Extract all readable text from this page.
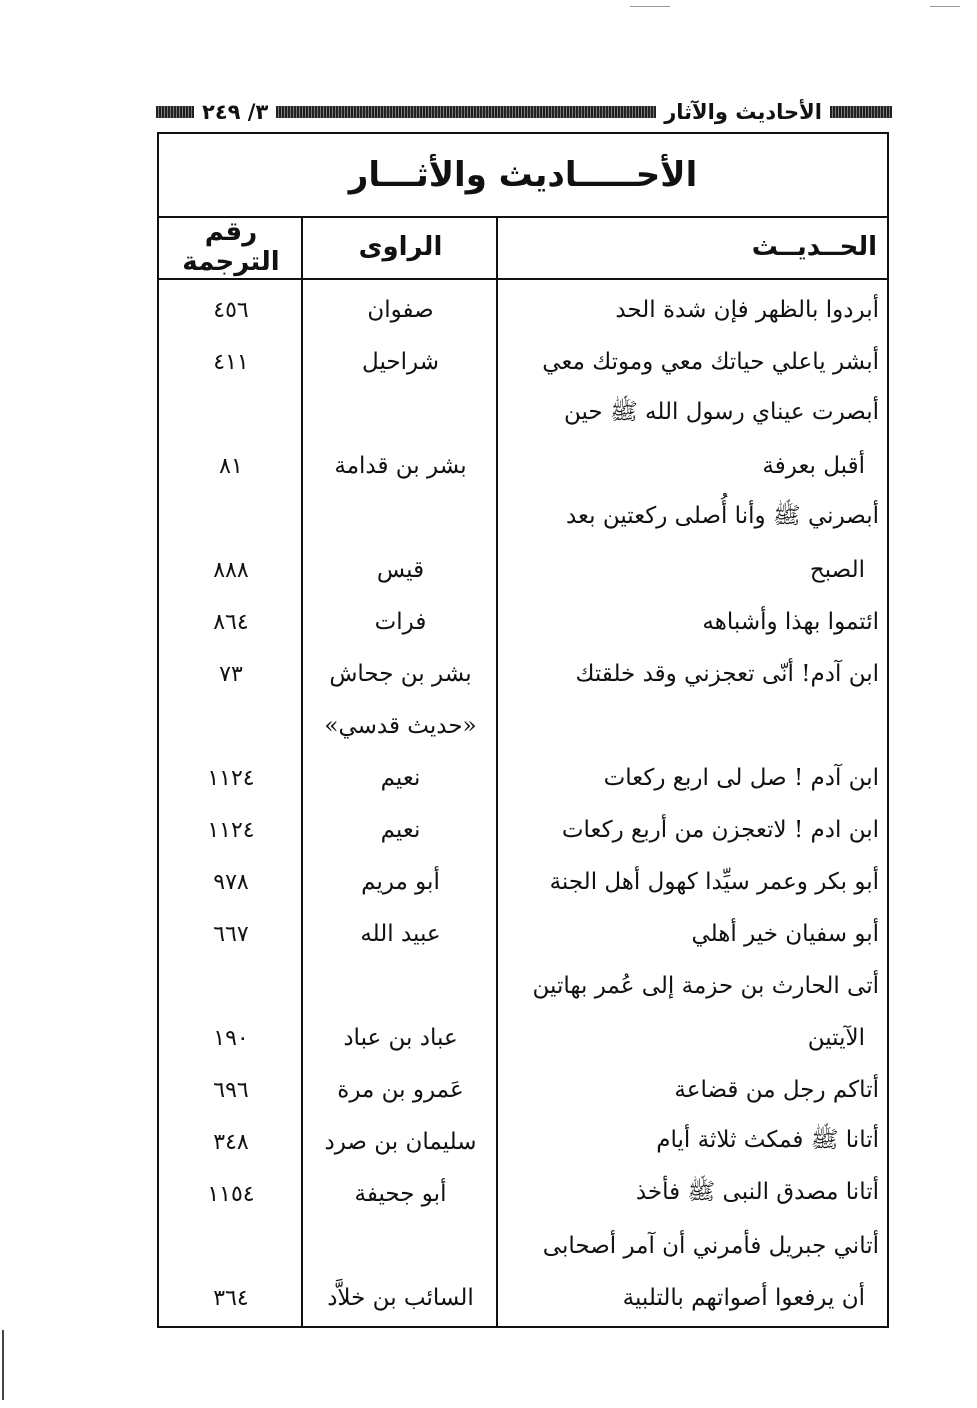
الأحاديث والآثار
٣/ ٢٤٩
الأحـــــاديث والأثـــار
الحــديــث
الراوى
رقم الترجمة
أبردوا بالظهر فإن شدة الحد
صفوان
٤٥٦
أبشر ياعلي حياتك معي وموتك معي
شراحيل
٤١١
أبصرت عيناي رسول الله ﷺ حين
أقبل بعرفة
بشر بن قدامة
٨١
أبصرني ﷺ وأنا أُصلى ركعتين بعد
الصبح
قيس
٨٨٨
ائتموا بهذا وأشباهه
فرات
٨٦٤
ابن آدم! أنّى تعجزني وقد خلقتك
بشر بن جحاش
٧٣
«حديث قدسي»
ابن آدم ! صل لى اربع ركعات
نعيم
١١٢٤
ابن ادم ! لاتعجزن من أربع ركعات
نعيم
١١٢٤
أبو بكر وعمر سيِّدا كهول أهل الجنة
أبو مريم
٩٧٨
أبو سفيان خير أهلي
عبيد الله
٦٦٧
أتى الحارث بن حزمة إلى عُمر بهاتين
الآيتين
عباد بن عباد
١٩٠
أتاكم رجل من قضاعة
عَمرو بن مرة
٦٩٦
أتانا ﷺ فمكث ثلاثة أيام
سليمان بن صرد
٣٤٨
أتانا مصدق النبى ﷺ فأخذ
أبو جحيفة
١١٥٤
أتاني جبريل فأمرني أن آمر أصحابى
أن يرفعوا أصواتهم بالتلبية
السائب بن خلاَّد
٣٦٤
